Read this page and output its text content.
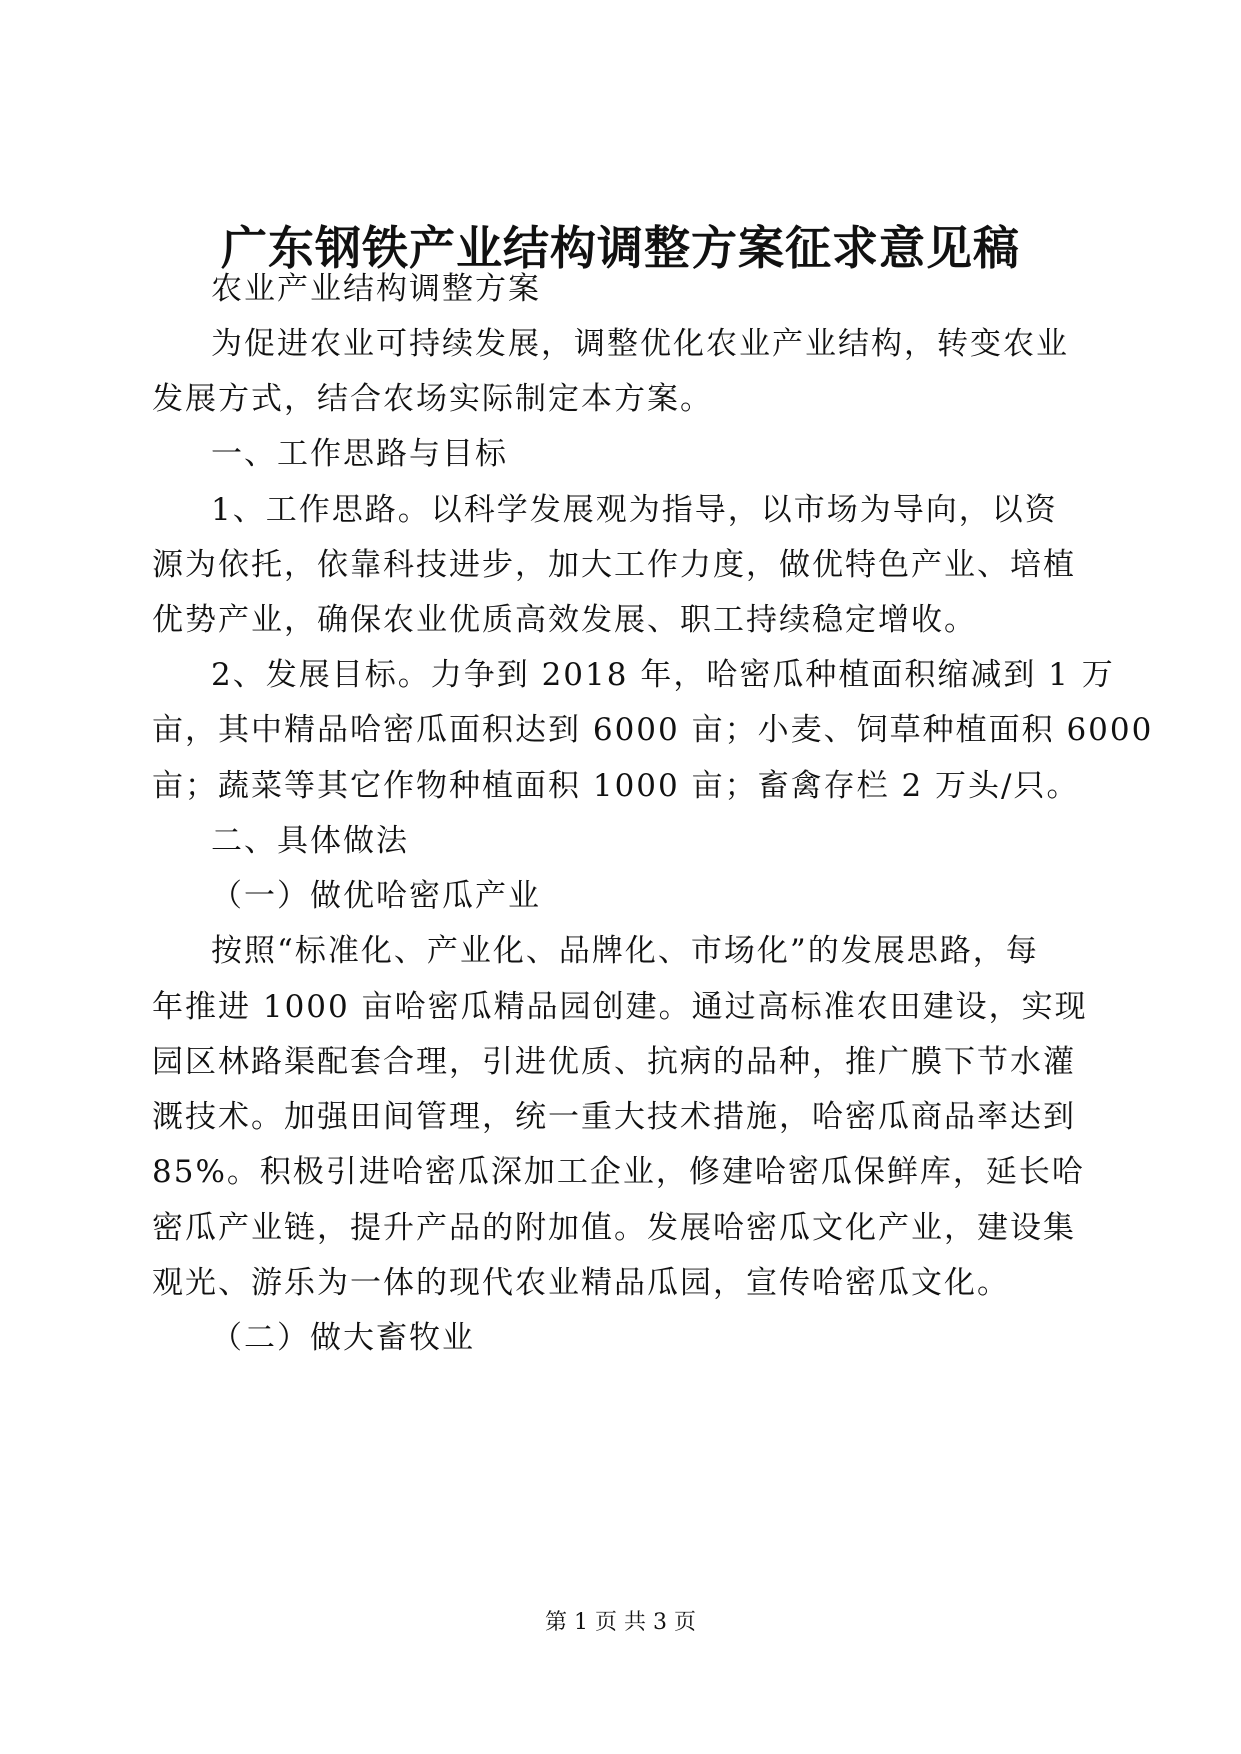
广东钢铁产业结构调整方案征求意见稿
农业产业结构调整方案
为促进农业可持续发展，调整优化农业产业结构，转变农业
发展方式，结合农场实际制定本方案。
一、工作思路与目标
1、工作思路。以科学发展观为指导，以市场为导向，以资
源为依托，依靠科技进步，加大工作力度，做优特色产业、培植
优势产业，确保农业优质高效发展、职工持续稳定增收。
2、发展目标。力争到 2018 年，哈密瓜种植面积缩减到 1 万
亩，其中精品哈密瓜面积达到 6000 亩；小麦、饲草种植面积 6000
亩；蔬菜等其它作物种植面积 1000 亩；畜禽存栏 2 万头/只。
二、具体做法
（一）做优哈密瓜产业
按照“标准化、产业化、品牌化、市场化”的发展思路，每
年推进 1000 亩哈密瓜精品园创建。通过高标准农田建设，实现
园区林路渠配套合理，引进优质、抗病的品种，推广膜下节水灌
溉技术。加强田间管理，统一重大技术措施，哈密瓜商品率达到
85%。积极引进哈密瓜深加工企业，修建哈密瓜保鲜库，延长哈
密瓜产业链，提升产品的附加值。发展哈密瓜文化产业，建设集
观光、游乐为一体的现代农业精品瓜园，宣传哈密瓜文化。
（二）做大畜牧业
第 1 页 共 3 页
